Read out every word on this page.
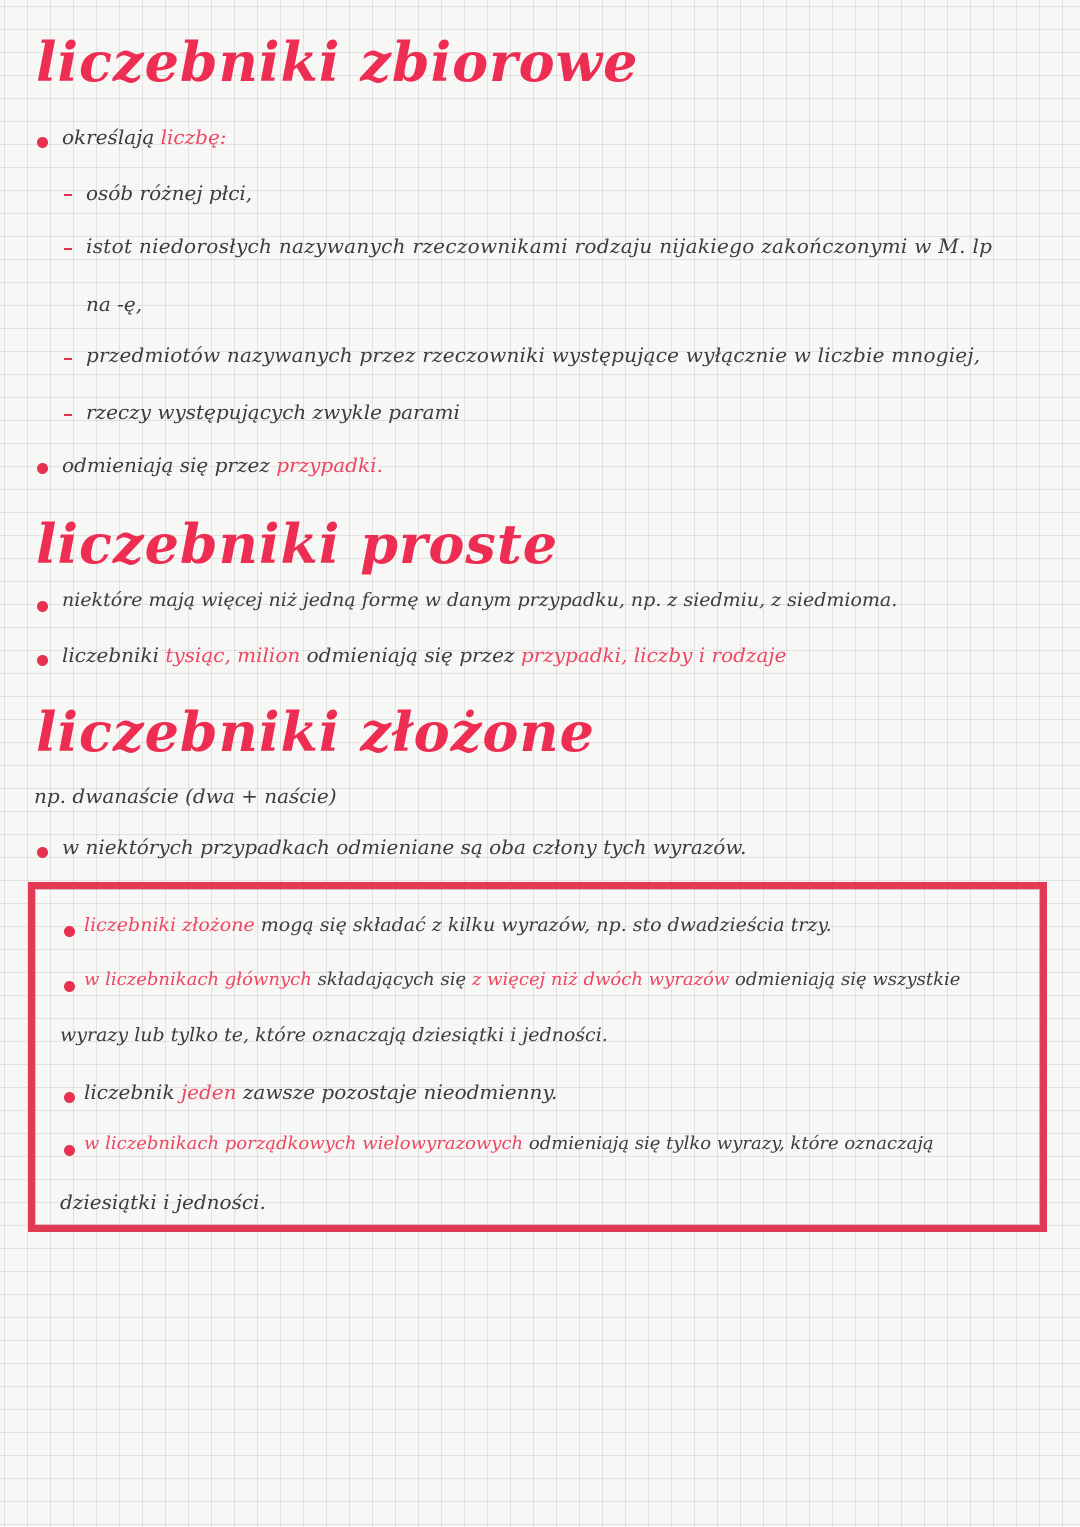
liczebniki zbiorowe
określają liczbę:
osób różnej płci,
istot niedorosłych nazywanych rzeczownikami rodzaju nijakiego zakończonymi w M. lp
na -ę,
przedmiotów nazywanych przez rzeczowniki występujące wyłącznie w liczbie mnogiej,
rzeczy występujących zwykle parami
odmieniają się przez przypadki.
liczebniki proste
niektóre mają więcej niż jedną formę w danym przypadku, np. z siedmiu, z siedmioma.
liczebniki tysiąc, milion odmieniają się przez przypadki, liczby i rodzaje
liczebniki złożone
np. dwanaście (dwa + naście)
w niektórych przypadkach odmieniane są oba człony tych wyrazów.
liczebniki złożone mogą się składać z kilku wyrazów, np. sto dwadzieścia trzy.
w liczebnikach głównych składających się z więcej niż dwóch wyrazów odmieniają się wszystkie
wyrazy lub tylko te, które oznaczają dziesiątki i jedności.
liczebnik jeden zawsze pozostaje nieodmienny.
w liczebnikach porządkowych wielowyrazowych odmieniają się tylko wyrazy, które oznaczają
dziesiątki i jedności.
